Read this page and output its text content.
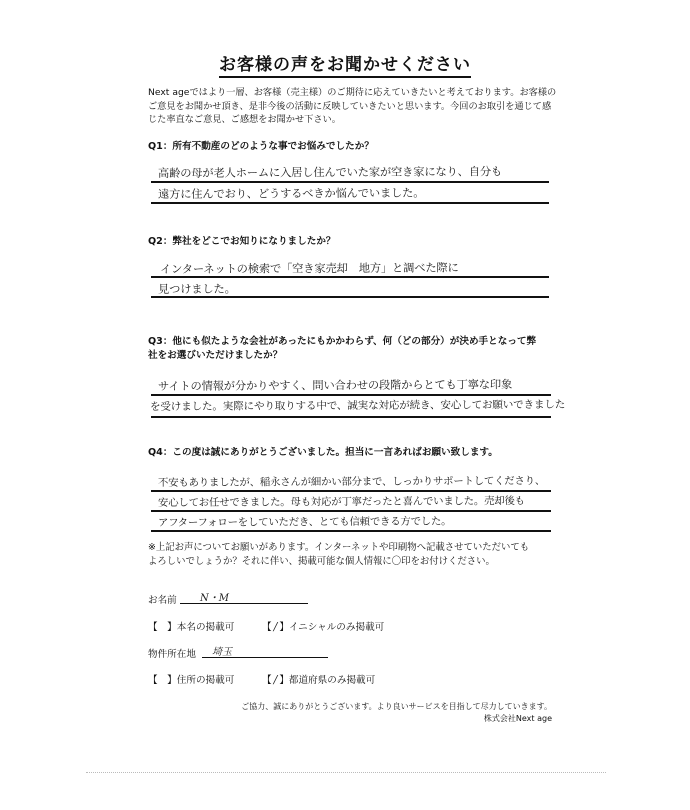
お客様の声をお聞かせください
Next ageではより一層、お客様（売主様）のご期待に応えていきたいと考えております。お客様のご意見をお聞かせ頂き、是非今後の活動に反映していきたいと思います。今回のお取引を通じて感じた率直なご意見、ご感想をお聞かせ下さい。
Q1：所有不動産のどのような事でお悩みでしたか？
高齢の母が老人ホームに入居し住んでいた家が空き家になり、自分も
遠方に住んでおり、どうするべきか悩んでいました。
Q2：弊社をどこでお知りになりましたか？
インターネットの検索で「空き家売却　地方」と調べた際に
見つけました。
Q3：他にも似たような会社があったにもかかわらず、何（どの部分）が決め手となって弊
社をお選びいただけましたか？
サイトの情報が分かりやすく、問い合わせの段階からとても丁寧な印象
を受けました。実際にやり取りする中で、誠実な対応が続き、安心してお願いできました
Q4：この度は誠にありがとうございました。担当に一言あればお願い致します。
不安もありましたが、稲永さんが細かい部分まで、しっかりサポートしてくださり、
安心してお任せできました。母も対応が丁寧だったと喜んでいました。売却後も
アフターフォローをしていただき、とても信頼できる方でした。
※上記お声についてお願いがあります。インターネットや印刷物へ記載させていただいても
よろしいでしょうか？それに伴い、掲載可能な個人情報に〇印をお付けください。
お名前 N・M
【　】本名の掲載可	【 / 】イニシャルのみ掲載可
物件所在地 埼玉
【　】住所の掲載可	【 / 】都道府県のみ掲載可
ご協力、誠にありがとうございます。より良いサービスを目指して尽力していきます。
株式会社Next age
